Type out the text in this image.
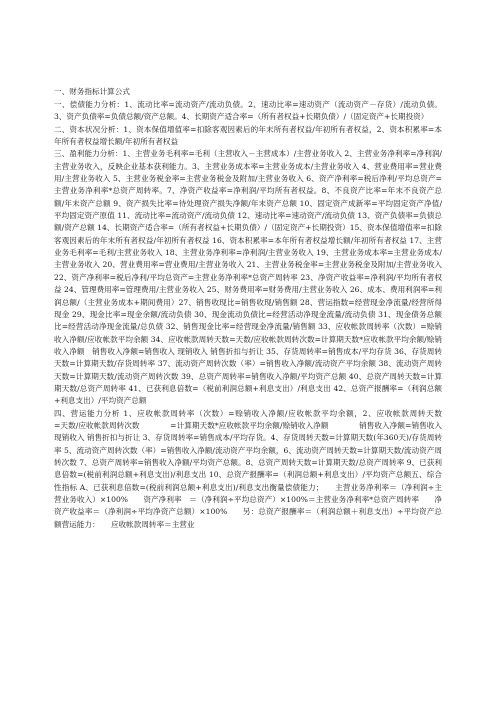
一、财务指标计算公式

一、偿债能力分析：1、流动比率=流动资产/流动负债。2、速动比率=速动资产（流动资产－存货）/流动负债。3、资产负债率=负债总额/资产总额。4、长期资产适合率=（所有者权益+长期负债）/（固定资产+长期投资）

二、资本状况分析：1、资本保值增值率=扣除客观因素后的年末所有者权益/年初所有者权益，2、资本积累率=本年所有者权益增长额/年初所有者权益

三、盈利能力分析：1、主营业务毛利率=毛利（主营收入－主营成本）/主营业务收入 2、主营业务净利率=净利润/主营业务收入，反映企业基本获利能力。3、主营业务成本率=主营业务成本/主营业务收入 4、营业费用率=营业费用/主营业务收入 5、主营业务税金率=主营业务税金及附加/主营业务收入 6、资产净利率=税后净利/平均总资产=主营业务净利率*总资产周转率。7、净资产收益率=净利润/平均所有者权益。8、不良资产比率=年末不良资产总额/年末资产总额 9、资产损失比率=待处理资产损失净额/年末资产总额 10、固定资产成新率=平均固定资产净值/平均固定资产原值 11、流动比率=流动资产/流动负债 12、速动比率=速动资产/流动负债 13、资产负债率=负债总额/资产总额 14、长期资产适合率=（所有者权益+长期负债）/（固定资产+长期投资）15、资本保值增值率=扣除客观因素后的年末所有者权益/年初所有者权益 16、资本积累率=本年所有者权益增长额/年初所有者权益 17、主营业务毛利率=毛利/主营业务收入 18、主营业务净利率=净利润/主营业务收入 19、主营业务成本率=主营业务成本/主营业务收入 20、营业费用率=营业费用/主营业务收入 21、主营业务税金率=主营业务税金及附加/主营业务收入 22、资产净利率=税后净利/平均总资产=主营业务净利率*总资产周转率 23、净资产收益率=净利润/平均所有者权益 24、管理费用率=管理费用/主营业务收入 25、财务费用率=财务费用/主营业务收入 26、成本、费用利润率=利润总额/（主营业务成本+期间费用）27、销售收现比=销售收现/销售额 28、营运指数=经营现金净流量/经营所得现金 29、现金比率=现金余额/流动负债 30、现金流动负债比=经营活动净现金流量/流动负债 31、现金债务总额比=经营活动净现金流量/总负债 32、销售现金比率=经营现金净流量/销售额 33、应收帐款周转率（次数）=赊销收入净额/应收帐款平均余额 34、应收帐款周转天数=天数/应收帐款周转次数=计算期天数*应收帐款平均余额/赊销收入净额　销售收入净额=销售收入 现销收入 销售折扣与折让 35、存货周转率=销售成本/平均存货 36、存货周转天数=计算期天数/存货周转率 37、流动资产周转次数（率）=销售收入净额/流动资产平均余额 38、流动资产周转天数=计算期天数/流动资产周转次数 39、总资产周转率=销售收入净额/平均资产总额 40、总资产周转天数=计算期天数/总资产周转率 41、已获利息倍数=（税前利润总额+利息支出）/利息支出 42、总资产报酬率=（利润总额+利息支出）/平均资产总额

四、营运能力分析 1、应收帐款周转率（次数）=赊销收入净额/应收帐款平均余额，2、应收帐款周转天数　　　　=天数/应收帐款周转次数　　　　=计算期天数*应收帐款平均余额/赊销收入净额　　　　销售收入净额=销售收入 现销收入 销售折扣与折让 3、存货周转率=销售成本/平均存货。4、存货周转天数=计算期天数(年360天)/存货周转率 5、流动资产周转次数（率）=销售收入净额/流动资产平均余额，6、流动资产周转天数=计算期天数/流动资产周转次数 7、总资产周转率=销售收入净额/平均资产总额。8、总资产周转天数=计算期天数/总资产周转率 9、已获利息倍数=(税前利润总额+利息支出)/利息支出 10、总资产报酬率=（利润总额+利息支出）/平均资产总额五、综合性指标 A、已获利息倍数=(税前利润总额+利息支出)/利息支出衡量偿债能力；　　主营业务净利率＝（净利润÷主营业务收入）×100%　　资产净利率　＝（净利润÷平均总资产）×100%＝主营业务净利率*总资产周转率　　净资产收益率＝（净利润÷平均净资产总额）×100%　　另：总资产报酬率＝（利润总额＋利息支出）÷平均资产总额营运能力：　　应收帐款周转率＝主营业
